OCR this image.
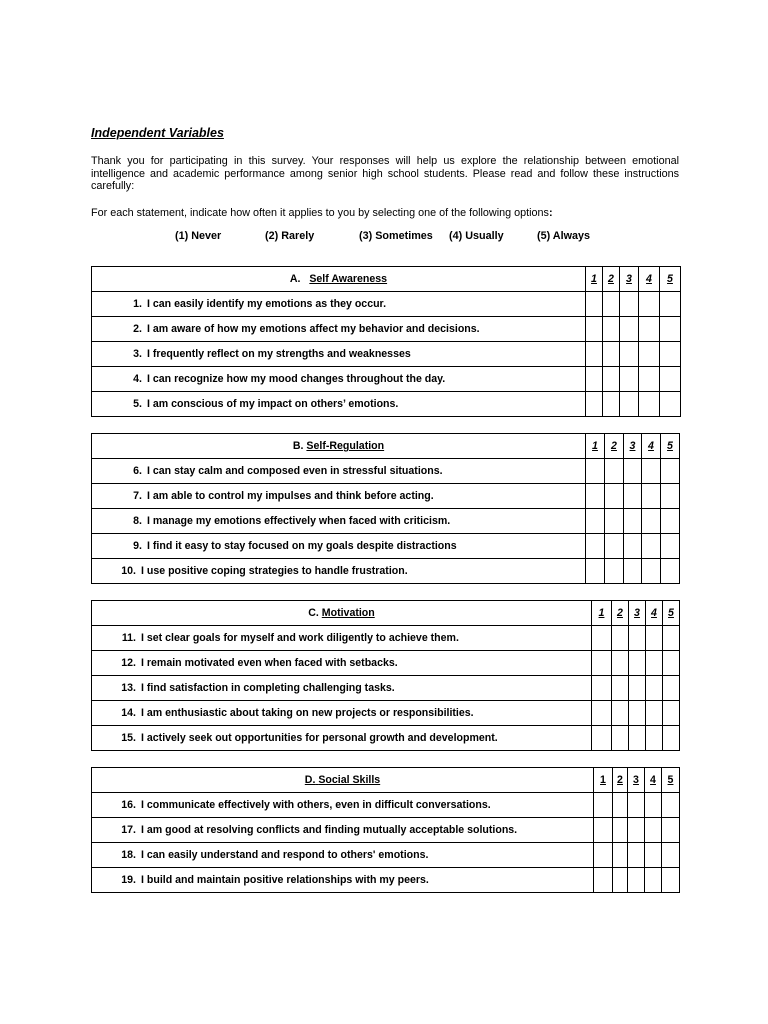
Independent Variables

Thank you for participating in this survey. Your responses will help us explore the relationship between emotional intelligence and academic performance among senior high school students. Please read and follow these instructions carefully:

For each statement, indicate how often it applies to you by selecting one of the following options:

(1) Never	(2) Rarely	(3) Sometimes (4) Usually	(5) Always
A. Self Awareness	1	2	3	4	5
1. I can easily identify my emotions as they occur.					
2. I am aware of how my emotions affect my behavior and decisions.					
3. I frequently reflect on my strengths and weaknesses					
4. I can recognize how my mood changes throughout the day.					
5. I am conscious of my impact on others’ emotions.					
B. Self-Regulation	1	2	3	4	5
6. I can stay calm and composed even in stressful situations.					
7. I am able to control my impulses and think before acting.					
8. I manage my emotions effectively when faced with criticism.					
9. I find it easy to stay focused on my goals despite distractions					
10. I use positive coping strategies to handle frustration.					
C. Motivation	1	2	3	4	5
11. I set clear goals for myself and work diligently to achieve them.					
12. I remain motivated even when faced with setbacks.					
13. I find satisfaction in completing challenging tasks.					
14. I am enthusiastic about taking on new projects or responsibilities.					
15. I actively seek out opportunities for personal growth and development.					
D. Social Skills	1	2	3	4	5
16. I communicate effectively with others, even in difficult conversations.					
17. I am good at resolving conflicts and finding mutually acceptable solutions.					
18. I can easily understand and respond to others' emotions.					
19. I build and maintain positive relationships with my peers.					
